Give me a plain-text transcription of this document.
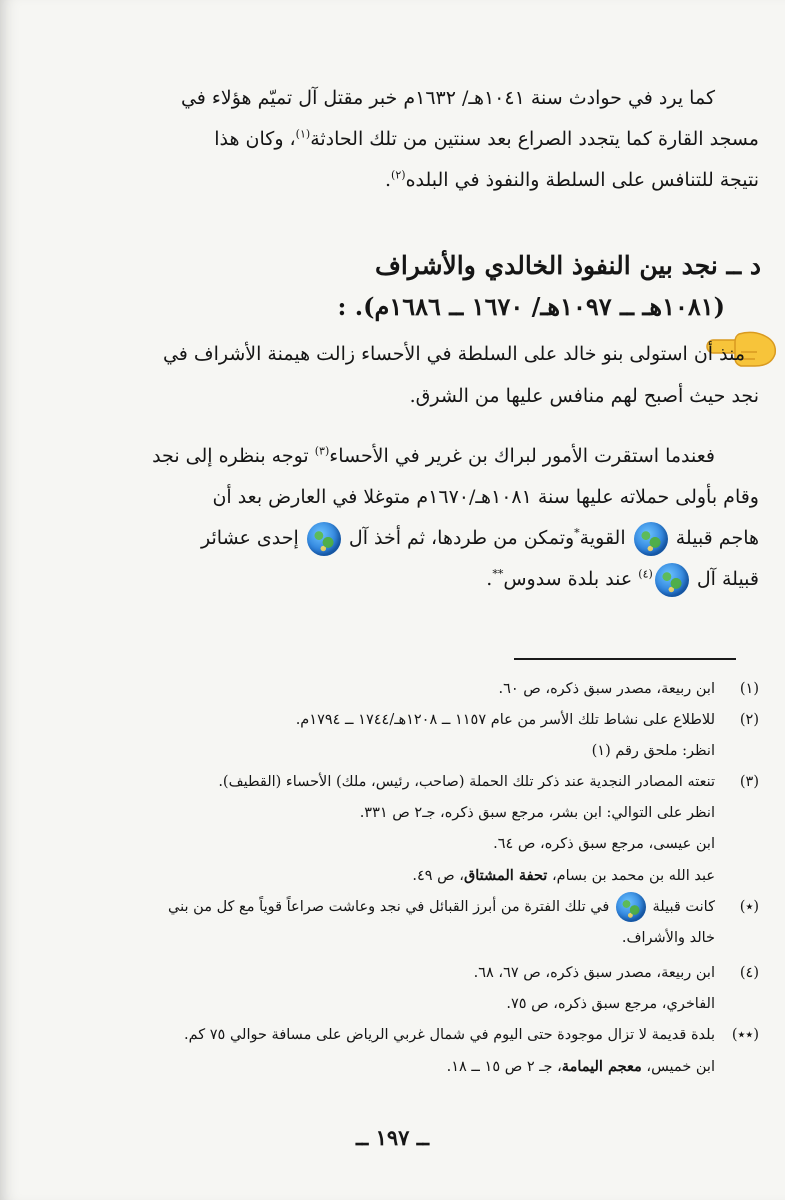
كما يرد في حوادث سنة ١٠٤١هـ/ ١٦٣٢م خبر مقتل آل تميّم هؤلاء في

مسجد القارة كما يتجدد الصراع بعد سنتين من تلك الحادثة$^{(١)}$، وكان هذا

نتيجة للتنافس على السلطة والنفوذ في البلده$^{(٢)}$.

د ــ نجد بين النفوذ الخالدي والأشراف
(١٠٨١هـ ــ ١٠٩٧هـ/ ١٦٧٠ ــ ١٦٨٦م). :

منذ أن استولى بنو خالد على السلطة في الأحساء زالت هيمنة الأشراف في

نجد حيث أصبح لهم منافس عليها من الشرق.

فعندما استقرت الأمور لبراك بن غرير في الأحساء$^{(٣)}$ توجه بنظره إلى نجد

وقام بأولى حملاته عليها سنة ١٠٨١هـ/١٦٧٠م متوغلا في العارض بعد أن

هاجم قبيلة  القوية*وتمكن من طردها، ثم أخذ آل  إحدى عشائر

قبيلة آل $^{(٤)}$ عند بلدة سدوس**.

(١)

ابن ربيعة، مصدر سبق ذكره، ص ٦٠.

(٢)

للاطلاع على نشاط تلك الأسر من عام ١١٥٧ ــ ١٢٠٨هـ/١٧٤٤ ــ ١٧٩٤م.

انظر: ملحق رقم (١)

(٣)

تنعته المصادر النجدية عند ذكر تلك الحملة (صاحب، رئيس، ملك) الأحساء (القطيف).

انظر على التوالي: ابن بشر، مرجع سبق ذكره، جـ٢ ص ٣٣١.

ابن عيسى، مرجع سبق ذكره، ص ٦٤.

عبد الله بن محمد بن بسام، تحفة المشتاق، ص ٤٩.

(٭)

كانت قبيلة  في تلك الفترة من أبرز القبائل في نجد وعاشت صراعاً قوياً مع كل من بني

خالد والأشراف.

(٤)

ابن ربيعة، مصدر سبق ذكره، ص ٦٧، ٦٨.

الفاخري، مرجع سبق ذكره، ص ٧٥.

(٭٭)

بلدة قديمة لا تزال موجودة حتى اليوم في شمال غربي الرياض على مسافة حوالي ٧٥ كم.

ابن خميس، معجم اليمامة، جـ ٢ ص ١٥ ــ ١٨.

ــ ١٩٧ ــ
